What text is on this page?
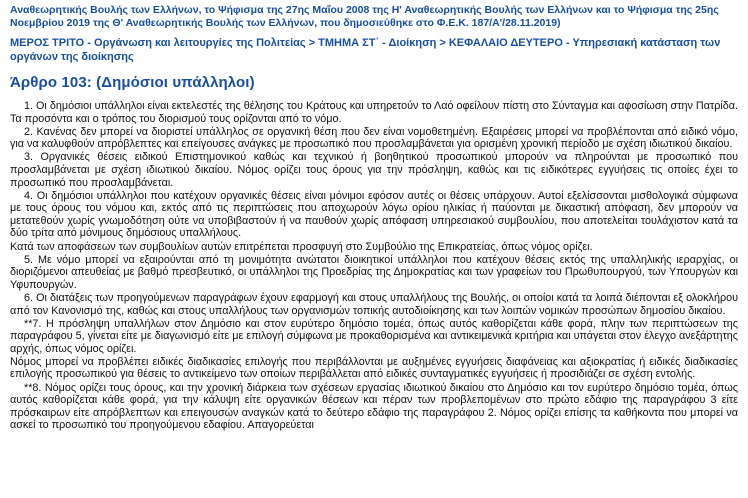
Αναθεωρητικής Βουλής των Ελλήνων, το Ψήφισμα της 27ης Μαΐου 2008 της Η' Αναθεωρητικής Βουλής των Ελλήνων και το Ψήφισμα της 25ης Νοεμβρίου 2019 της Θ' Αναθεωρητικής Βουλής των Ελλήνων, που δημοσιεύθηκε στο Φ.Ε.Κ. 187/Α'/28.11.2019)
ΜΕΡΟΣ ΤΡΙΤΟ - Οργάνωση και λειτουργίες της Πολιτείας > ΤΜΗΜΑ ΣΤ΄ - Διοίκηση > ΚΕΦΑΛΑΙΟ ΔΕΥΤΕΡΟ - Υπηρεσιακή κατάσταση των οργάνων της διοίκησης
Άρθρο 103: (Δημόσιοι υπάλληλοι)

1. Οι δημόσιοι υπάλληλοι είναι εκτελεστές της θέλησης του Κράτους και υπηρετούν το Λαό οφείλουν πίστη στο Σύνταγμα και αφοσίωση στην Πατρίδα. Τα προσόντα και ο τρόπος του διορισμού τους ορίζονται από το νόμο.

2. Κανένας δεν μπορεί να διοριστεί υπάλληλος σε οργανική θέση που δεν είναι νομοθετημένη. Εξαιρέσεις μπορεί να προβλέπονται από ειδικό νόμο, για να καλυφθούν απρόβλεπτες και επείγουσες ανάγκες με προσωπικό που προσλαμβάνεται για ορισμένη χρονική περίοδο με σχέση ιδιωτικού δικαίου.

3. Οργανικές θέσεις ειδικού Επιστημονικού καθώς και τεχνικού ή βοηθητικού προσωπικού μπορούν να πληρούνται με προσωπικό που προσλαμβάνεται με σχέση ιδιωτικού δικαίου. Νόμος ορίζει τους όρους για την πρόσληψη, καθώς και τις ειδικότερες εγγυήσεις τις οποίες έχει το προσωπικό που προσλαμβάνεται.

4. Οι δημόσιοι υπάλληλοι που κατέχουν οργανικές θέσεις είναι μόνιμοι εφόσον αυτές οι θέσεις υπάρχουν. Αυτοί εξελίσσονται μισθολογικά σύμφωνα με τους όρους του νόμου και, εκτός από τις περιπτώσεις που αποχωρούν λόγω ορίου ηλικίας ή παύονται με δικαστική απόφαση, δεν μπορούν να μετατεθούν χωρίς γνωμοδότηση ούτε να υποβιβαστούν ή να παυθούν χωρίς απόφαση υπηρεσιακού συμβουλίου, που αποτελείται τουλάχιστον κατά τα δύο τρίτα από μόνιμους δημόσιους υπαλλήλους.

Κατά των αποφάσεων των συμβουλίων αυτών επιτρέπεται προσφυγή στο Συμβούλιο της Επικρατείας, όπως νόμος ορίζει.

5. Με νόμο μπορεί να εξαιρούνται από τη μονιμότητα ανώτατοι διοικητικοί υπάλληλοι που κατέχουν θέσεις εκτός της υπαλληλικής ιεραρχίας, οι διοριζόμενοι απευθείας με βαθμό πρεσβευτικό, οι υπάλληλοι της Προεδρίας της Δημοκρατίας και των γραφείων του Πρωθυπουργού, των Υπουργών και Υφυπουργών.

6. Οι διατάξεις των προηγούμενων παραγράφων έχουν εφαρμογή και στους υπαλλήλους της Βουλής, οι οποίοι κατά τα λοιπά διέπονται εξ ολοκλήρου από τον Κανονισμό της, καθώς και στους υπαλλήλους των οργανισμών τοπικής αυτοδιοίκησης και των λοιπών νομικών προσώπων δημοσίου δικαίου.

**7. Η πρόσληψη υπαλλήλων στον Δημόσιο και στον ευρύτερο δημόσιο τομέα, όπως αυτός καθορίζεται κάθε φορά, πλην των περιπτώσεων της παραγράφου 5, γίνεται είτε με διαγωνισμό είτε με επιλογή σύμφωνα με προκαθορισμένα και αντικειμενικά κριτήρια και υπάγεται στον έλεγχο ανεξάρτητης αρχής, όπως νόμος ορίζει.

Νόμος μπορεί να προβλέπει ειδικές διαδικασίες επιλογής που περιβάλλονται με αυξημένες εγγυήσεις διαφάνειας και αξιοκρατίας ή ειδικές διαδικασίες επιλογής προσωπικού για θέσεις το αντικείμενο των οποίων περιβάλλεται από ειδικές συνταγματικές εγγυήσεις ή προσιδιάζει σε σχέση εντολής.

**8. Νόμος ορίζει τους όρους, και την χρονική διάρκεια των σχέσεων εργασίας ιδιωτικού δικαίου στο Δημόσιο και τον ευρύτερο δημόσιο τομέα, όπως αυτός καθορίζεται κάθε φορά, για την κάλυψη είτε οργανικών θέσεων και πέραν των προβλεπομένων στο πρώτο εδάφιο της παραγράφου 3 είτε πρόσκαιρων είτε απρόβλεπτων και επειγουσών αναγκών κατά το δεύτερο εδάφιο της παραγράφου 2. Νόμος ορίζει επίσης τα καθήκοντα που μπορεί να ασκεί το προσωπικό του προηγούμενου εδαφίου. Απαγορεύεται
